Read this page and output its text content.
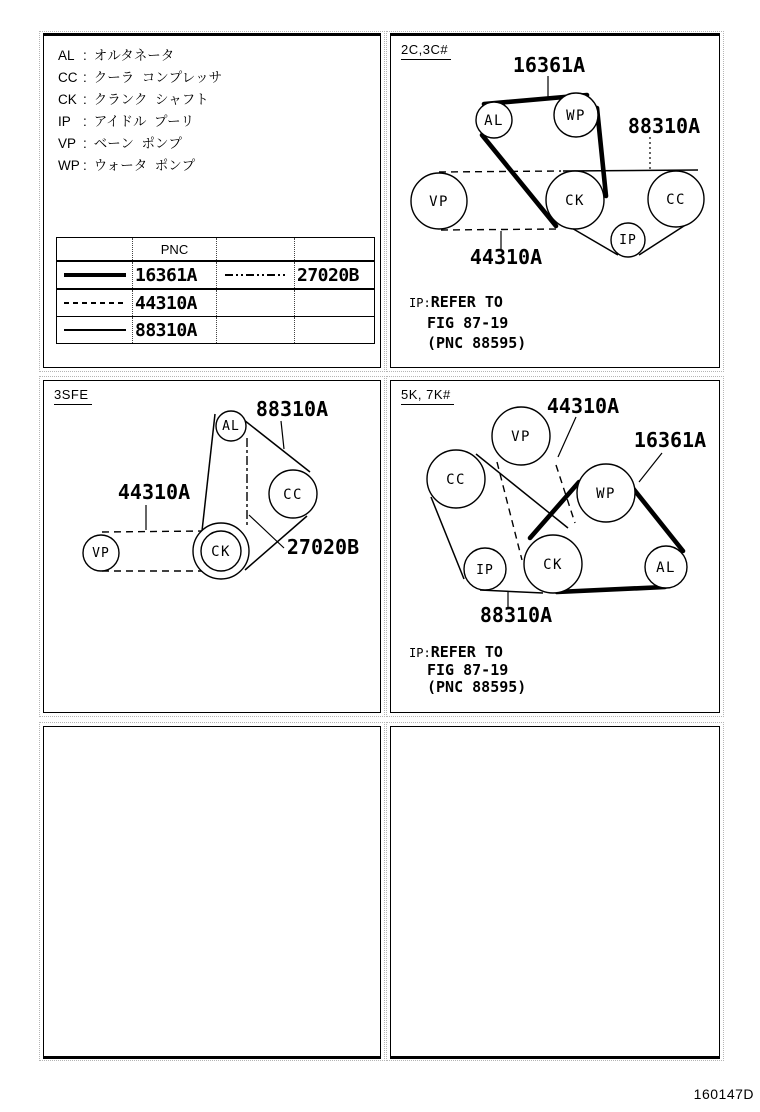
AL : オルタネータ
CC : クーラ  コンプレッサ
CK : クランク  シャフト
IP : アイドル  プーリ
VP : ベーン  ポンプ
WP : ウォータ  ポンプ
	PNC		

	16361A		27020B

	44310A		

	88310A		
2C,3C#
AL	WP
VP	CK	CC
IP
16361A
88310A
44310A
IP:REFER TO
FIG 87-19
(PNC 88595)
3SFE
AL
CC
VP	CK
88310A
44310A
27020B
5K, 7K#
VP
CC
WP
IP	CK	AL
44310A
16361A
88310A
IP:REFER TO
FIG 87-19
(PNC 88595)
160147D
